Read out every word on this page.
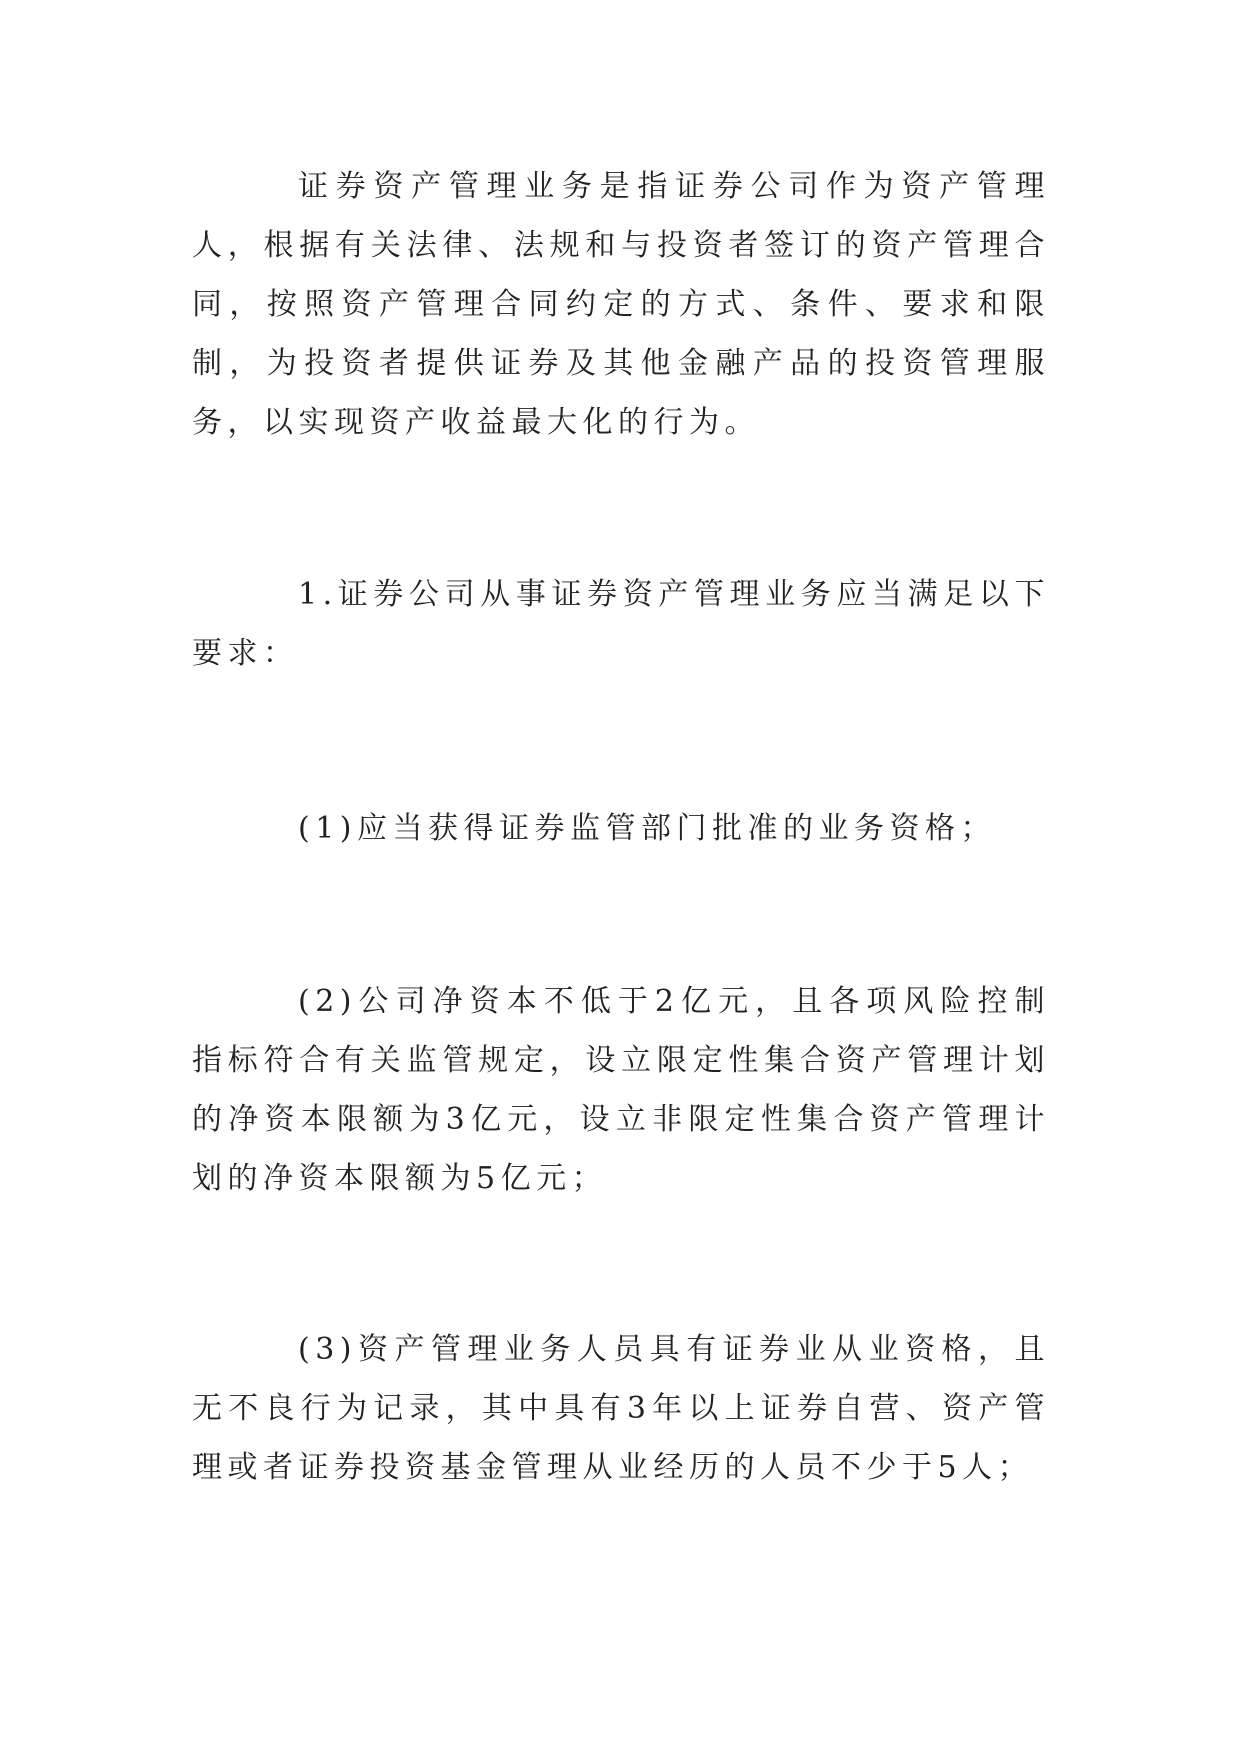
证券资产管理业务是指证券公司作为资产管理人，根据有关法律、法规和与投资者签订的资产管理合同，按照资产管理合同约定的方式、条件、要求和限制，为投资者提供证券及其他金融产品的投资管理服务，以实现资产收益最大化的行为。

1.证券公司从事证券资产管理业务应当满足以下要求：

(1)应当获得证券监管部门批准的业务资格；

(2)公司净资本不低于2亿元，且各项风险控制指标符合有关监管规定，设立限定性集合资产管理计划的净资本限额为3亿元，设立非限定性集合资产管理计划的净资本限额为5亿元；

(3)资产管理业务人员具有证券业从业资格，且无不良行为记录，其中具有3年以上证券自营、资产管理或者证券投资基金管理从业经历的人员不少于5人；
